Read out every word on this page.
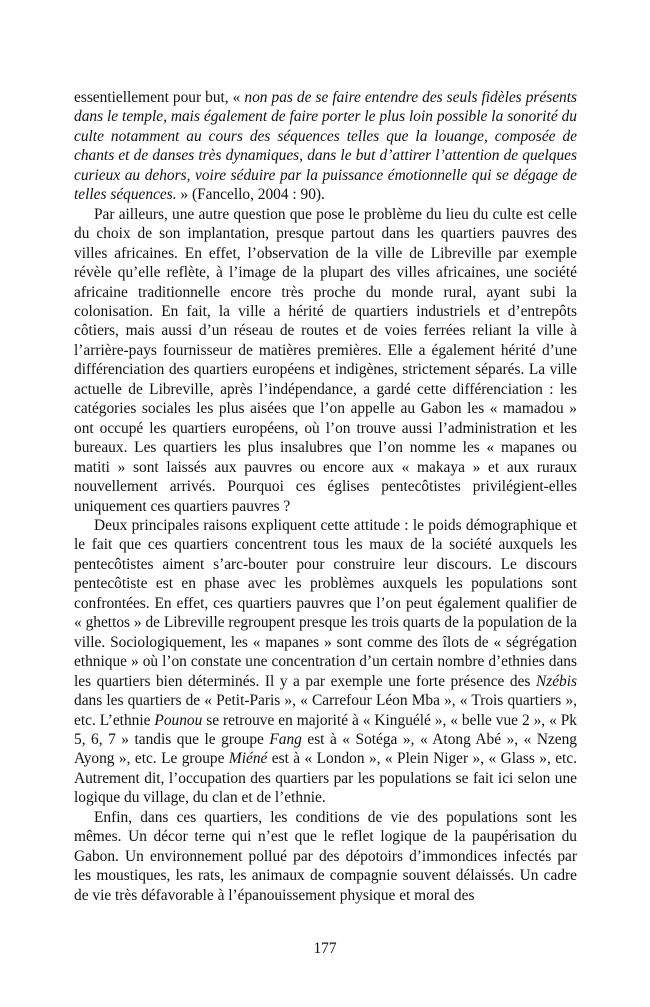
essentiellement pour but, « non pas de se faire entendre des seuls fidèles présents dans le temple, mais également de faire porter le plus loin possible la sonorité du culte notamment au cours des séquences telles que la louange, composée de chants et de danses très dynamiques, dans le but d’attirer l’attention de quelques curieux au dehors, voire séduire par la puissance émotionnelle qui se dégage de telles séquences. » (Fancello, 2004 : 90).

Par ailleurs, une autre question que pose le problème du lieu du culte est celle du choix de son implantation, presque partout dans les quartiers pauvres des villes africaines. En effet, l’observation de la ville de Libreville par exemple révèle qu’elle reflète, à l’image de la plupart des villes africaines, une société africaine traditionnelle encore très proche du monde rural, ayant subi la colonisation. En fait, la ville a hérité de quartiers industriels et d’entrepôts côtiers, mais aussi d’un réseau de routes et de voies ferrées reliant la ville à l’arrière-pays fournisseur de matières premières. Elle a également hérité d’une différenciation des quartiers européens et indigènes, strictement séparés. La ville actuelle de Libreville, après l’indépendance, a gardé cette différenciation : les catégories sociales les plus aisées que l’on appelle au Gabon les « mamadou » ont occupé les quartiers européens, où l’on trouve aussi l’administration et les bureaux. Les quartiers les plus insalubres que l’on nomme les « mapanes ou matiti » sont laissés aux pauvres ou encore aux « makaya » et aux ruraux nouvellement arrivés. Pourquoi ces églises pentecôtistes privilégient-elles uniquement ces quartiers pauvres ?

Deux principales raisons expliquent cette attitude : le poids démographique et le fait que ces quartiers concentrent tous les maux de la société auxquels les pentecôtistes aiment s’arc-bouter pour construire leur discours. Le discours pentecôtiste est en phase avec les problèmes auxquels les populations sont confrontées. En effet, ces quartiers pauvres que l’on peut également qualifier de « ghettos » de Libreville regroupent presque les trois quarts de la population de la ville. Sociologiquement, les « mapanes » sont comme des îlots de « ségrégation ethnique » où l’on constate une concentration d’un certain nombre d’ethnies dans les quartiers bien déterminés. Il y a par exemple une forte présence des Nzébis dans les quartiers de « Petit-Paris », « Carrefour Léon Mba », « Trois quartiers », etc. L’ethnie Pounou se retrouve en majorité à « Kinguélé », « belle vue 2 », « Pk 5, 6, 7 » tandis que le groupe Fang est à « Sotéga », « Atong Abé », « Nzeng Ayong », etc. Le groupe Miéné est à « London », « Plein Niger », « Glass », etc. Autrement dit, l’occupation des quartiers par les populations se fait ici selon une logique du village, du clan et de l’ethnie.

Enfin, dans ces quartiers, les conditions de vie des populations sont les mêmes. Un décor terne qui n’est que le reflet logique de la paupérisation du Gabon. Un environnement pollué par des dépotoirs d’immondices infectés par les moustiques, les rats, les animaux de compagnie souvent délaissés. Un cadre de vie très défavorable à l’épanouissement physique et moral des

177
